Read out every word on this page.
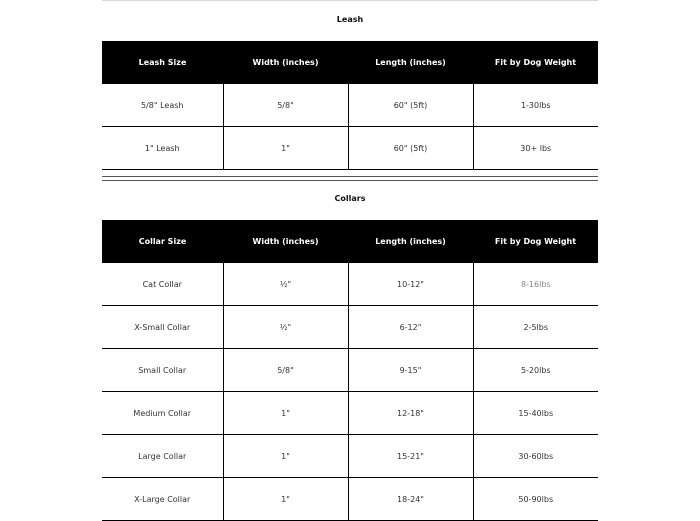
Leash
Leash Size	Width (inches)	Length (inches)	Fit by Dog Weight
5/8" Leash	5/8"	60" (5ft)	1-30lbs
1" Leash	1"	60" (5ft)	30+ lbs
Collars
Collar Size	Width (inches)	Length (inches)	Fit by Dog Weight
Cat Collar	½"	10-12"	8-16lbs
X-Small Collar	½"	6-12"	2-5lbs
Small Collar	5/8"	9-15"	5-20lbs
Medium Collar	1"	12-18"	15-40lbs
Large Collar	1"	15-21"	30-60lbs
X-Large Collar	1"	18-24"	50-90lbs
